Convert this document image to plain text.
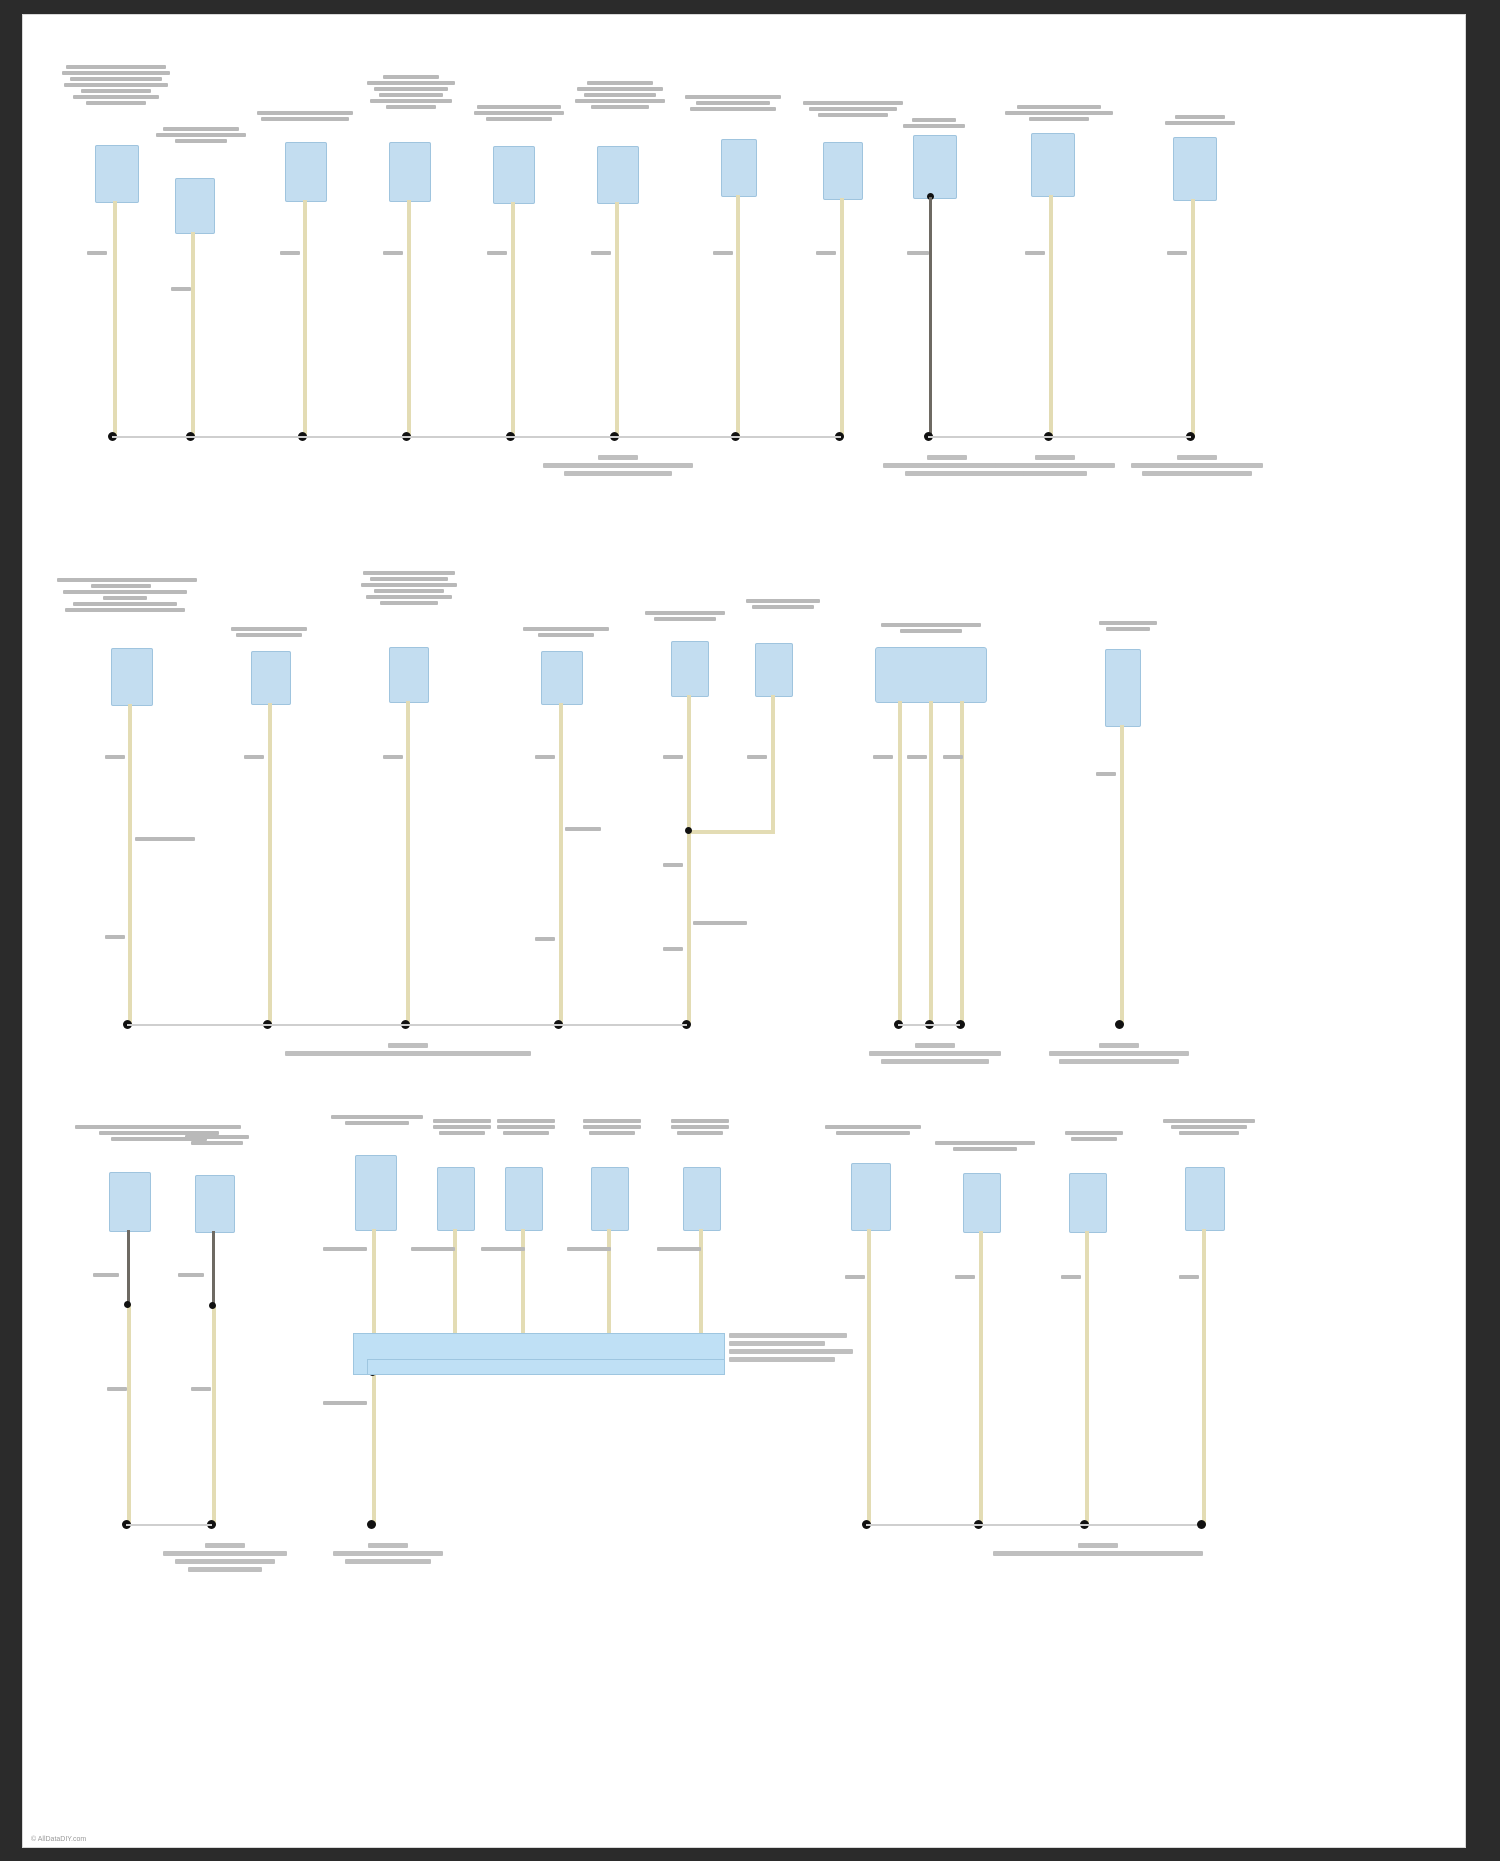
© AllDataDIY.com
